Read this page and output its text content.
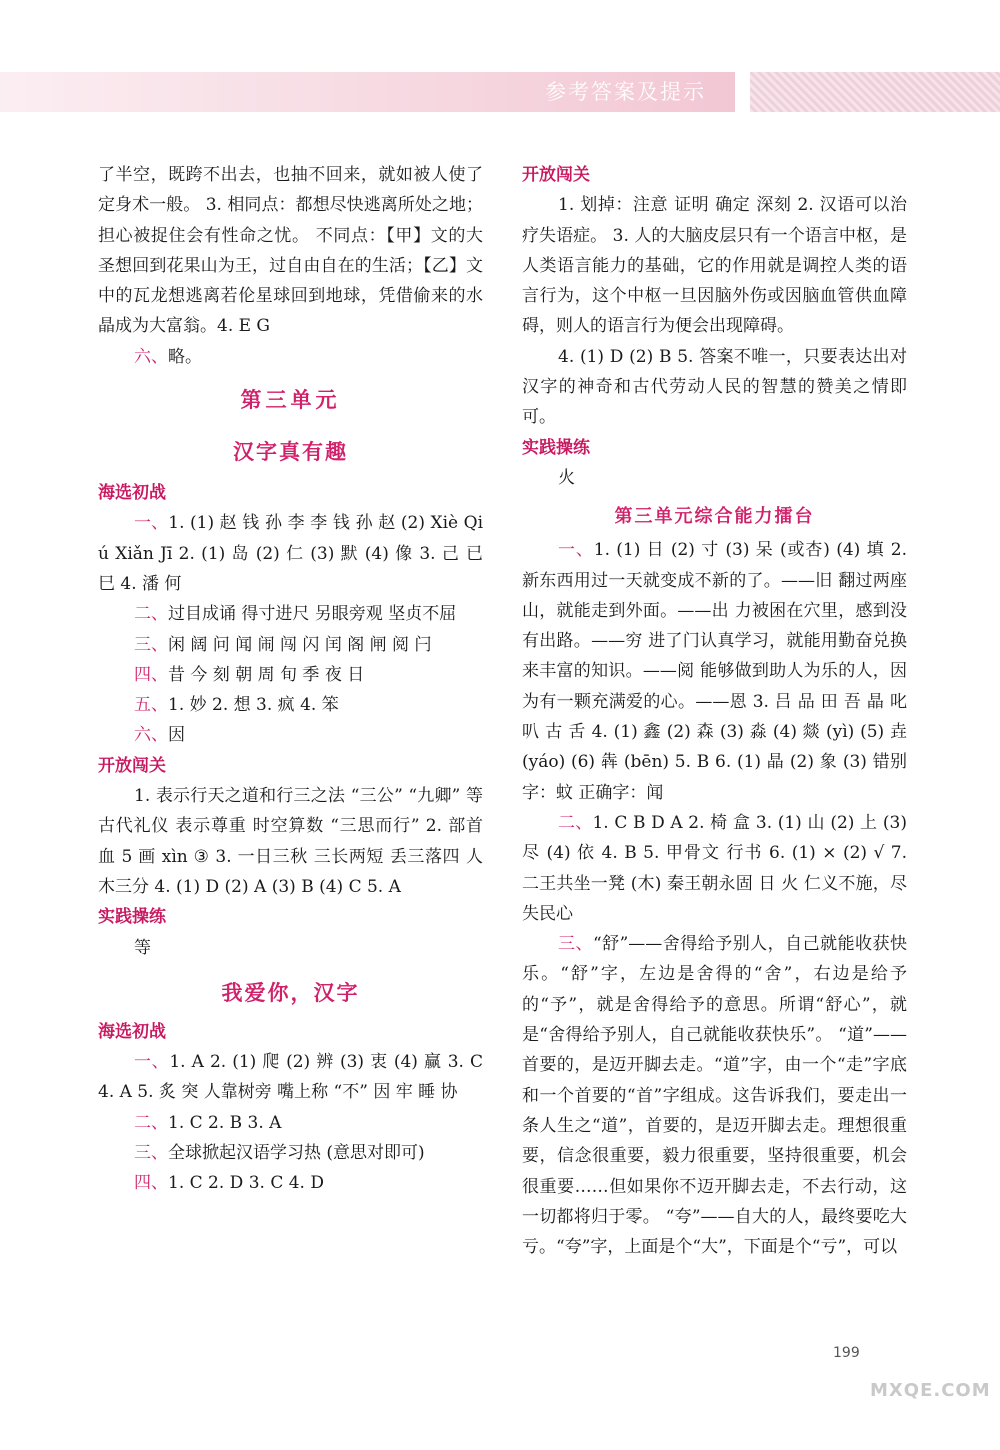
参考答案及提示

了半空，既跨不出去，也抽不回来，就如被人使了定身术一般。 3. 相同点：都想尽快逃离所处之地；担心被捉住会有性命之忧。 不同点：【甲】文的大圣想回到花果山为王，过自由自在的生活；【乙】文中的瓦龙想逃离若伦星球回到地球，凭借偷来的水晶成为大富翁。4. E G

六、略。

第三单元
汉字真有趣

海选初战

一、1. (1) 赵 钱 孙 李 李 钱 孙 赵 (2) Xiè Qiú Xiǎn Jī 2. (1) 岛 (2) 仁 (3) 默 (4) 像 3. 己 已 巳 4. 潘 何

二、过目成诵 得寸进尺 另眼旁观 坚贞不屈

三、闲 阔 问 闻 闹 闯 闪 闰 阁 闸 阅 闩

四、昔 今 刻 朝 周 旬 季 夜 日

五、1. 妙 2. 想 3. 疯 4. 笨

六、因

开放闯关

1. 表示行天之道和行三之法 “三公” “九卿” 等 古代礼仪 表示尊重 时空算数 “三思而行” 2. 部首 血 5 画 xìn ③ 3. 一日三秋 三长两短 丢三落四 人木三分 4. (1) D (2) A (3) B (4) C 5. A

实践操练

等

我爱你，汉字

海选初战

一、1. A 2. (1) 爬 (2) 辨 (3) 衷 (4) 赢 3. C 4. A 5. 炙 突 人靠树旁 嘴上称 “不” 因 牢 睡 协

二、1. C 2. B 3. A

三、全球掀起汉语学习热 (意思对即可)

四、1. C 2. D 3. C 4. D

开放闯关

1. 划掉：注意 证明 确定 深刻 2. 汉语可以治疗失语症。 3. 人的大脑皮层只有一个语言中枢，是人类语言能力的基础，它的作用就是调控人类的语言行为，这个中枢一旦因脑外伤或因脑血管供血障碍，则人的语言行为便会出现障碍。

4. (1) D (2) B 5. 答案不唯一，只要表达出对汉字的神奇和古代劳动人民的智慧的赞美之情即可。

实践操练

火

第三单元综合能力擂台

一、1. (1) 日 (2) 寸 (3) 呆 (或杏) (4) 填 2. 新东西用过一天就变成不新的了。——旧 翻过两座山，就能走到外面。——出 力被困在穴里，感到没有出路。——穷 进了门认真学习，就能用勤奋兑换来丰富的知识。——阅 能够做到助人为乐的人，因为有一颗充满爱的心。——恩 3. 吕 品 田 吾 晶 叱 叭 古 舌 4. (1) 鑫 (2) 森 (3) 淼 (4) 燚 (yì) (5) 垚 (yáo) (6) 犇 (bēn) 5. B 6. (1) 晶 (2) 象 (3) 错别字：蚊 正确字：闻

二、1. C B D A 2. 椅 盒 3. (1) 山 (2) 上 (3) 尽 (4) 依 4. B 5. 甲骨文 行书 6. (1) × (2) √ 7. 二王共坐一凳 (木) 秦王朝永固 日 火 仁义不施，尽失民心

三、“舒”——舍得给予别人，自己就能收获快乐。“舒”字，左边是舍得的“舍”，右边是给予的“予”，就是舍得给予的意思。所谓“舒心”，就是“舍得给予别人，自己就能收获快乐”。 “道”——首要的，是迈开脚去走。“道”字，由一个“走”字底和一个首要的“首”字组成。这告诉我们，要走出一条人生之“道”，首要的，是迈开脚去走。理想很重要，信念很重要，毅力很重要，坚持很重要，机会很重要……但如果你不迈开脚去走，不去行动，这一切都将归于零。 “夸”——自大的人，最终要吃大亏。“夸”字，上面是个“大”，下面是个“亏”，可以

199
MXQE.COM
